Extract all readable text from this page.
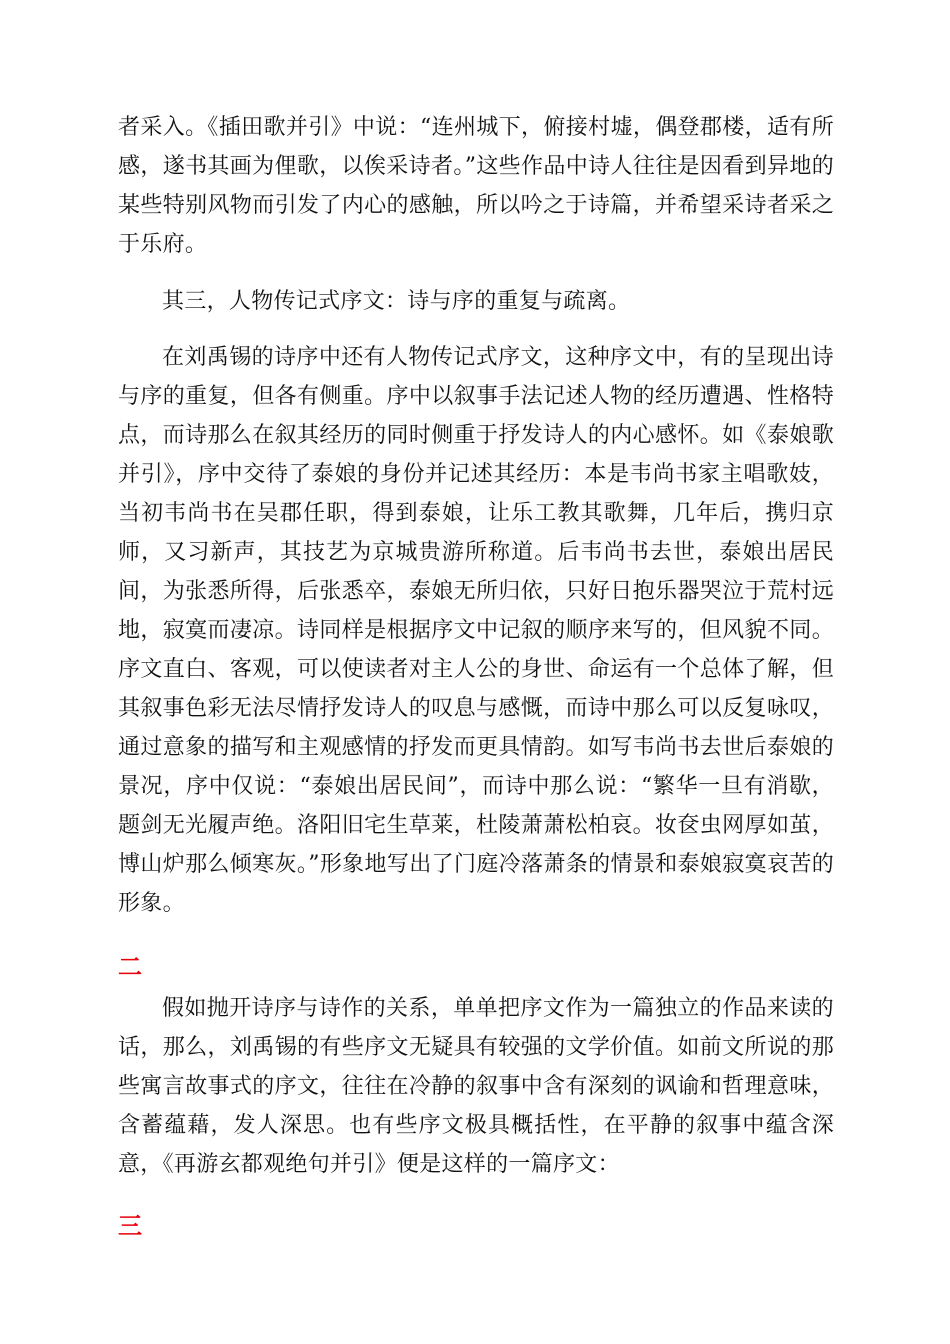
者采入。《插田歌并引》中说：“连州城下，俯接村墟，偶登郡楼，适有所感，遂书其画为俚歌，以俟采诗者。”这些作品中诗人往往是因看到异地的某些特别风物而引发了内心的感触，所以吟之于诗篇，并希望采诗者采之于乐府。

其三，人物传记式序文：诗与序的重复与疏离。

在刘禹锡的诗序中还有人物传记式序文，这种序文中，有的呈现出诗与序的重复，但各有侧重。序中以叙事手法记述人物的经历遭遇、性格特点，而诗那么在叙其经历的同时侧重于抒发诗人的内心感怀。如《泰娘歌并引》，序中交待了泰娘的身份并记述其经历：本是韦尚书家主唱歌妓，当初韦尚书在吴郡任职，得到泰娘，让乐工教其歌舞，几年后，携归京师，又习新声，其技艺为京城贵游所称道。后韦尚书去世，泰娘出居民间，为张悉所得，后张悉卒，泰娘无所归依，只好日抱乐器哭泣于荒村远地，寂寞而凄凉。诗同样是根据序文中记叙的顺序来写的，但风貌不同。序文直白、客观，可以使读者对主人公的身世、命运有一个总体了解，但其叙事色彩无法尽情抒发诗人的叹息与感慨，而诗中那么可以反复咏叹，通过意象的描写和主观感情的抒发而更具情韵。如写韦尚书去世后泰娘的景况，序中仅说：“泰娘出居民间”，而诗中那么说：“繁华一旦有消歇，题剑无光履声绝。洛阳旧宅生草莱，杜陵萧萧松柏哀。妆奁虫网厚如茧，博山炉那么倾寒灰。”形象地写出了门庭冷落萧条的情景和泰娘寂寞哀苦的形象。

二

假如抛开诗序与诗作的关系，单单把序文作为一篇独立的作品来读的话，那么，刘禹锡的有些序文无疑具有较强的文学价值。如前文所说的那些寓言故事式的序文，往往在冷静的叙事中含有深刻的讽谕和哲理意味，含蓄蕴藉，发人深思。也有些序文极具概括性，在平静的叙事中蕴含深意，《再游玄都观绝句并引》便是这样的一篇序文：

三
